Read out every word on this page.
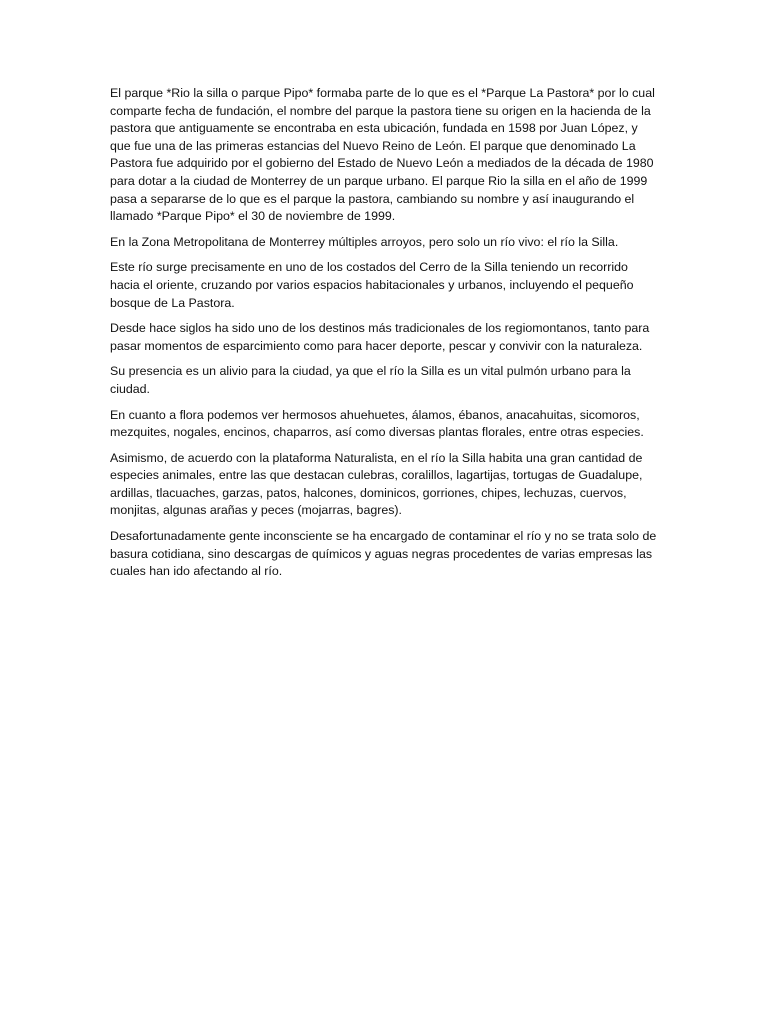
El parque *Rio la silla o parque Pipo* formaba parte de lo que es el *Parque La Pastora* por lo cual comparte fecha de fundación, el nombre del parque la pastora tiene su origen en la hacienda de la pastora que antiguamente se encontraba en esta ubicación, fundada en 1598 por Juan López, y que fue una de las primeras estancias del Nuevo Reino de León. El parque que denominado La Pastora fue adquirido por el gobierno del Estado de Nuevo León a mediados de la década de 1980 para dotar a la ciudad de Monterrey de un parque urbano. El parque Rio la silla en el año de 1999 pasa a separarse de lo que es el parque la pastora, cambiando su nombre y así inaugurando el llamado *Parque Pipo* el 30 de noviembre de 1999.

En la Zona Metropolitana de Monterrey múltiples arroyos, pero solo un río vivo: el río la Silla.

Este río surge precisamente en uno de los costados del Cerro de la Silla teniendo un recorrido hacia el oriente, cruzando por varios espacios habitacionales y urbanos, incluyendo el pequeño bosque de La Pastora.

Desde hace siglos ha sido uno de los destinos más tradicionales de los regiomontanos, tanto para pasar momentos de esparcimiento como para hacer deporte, pescar y convivir con la naturaleza.

Su presencia es un alivio para la ciudad, ya que el río la Silla es un vital pulmón urbano para la ciudad.

En cuanto a flora podemos ver hermosos ahuehuetes, álamos, ébanos, anacahuitas, sicomoros, mezquites, nogales, encinos, chaparros, así como diversas plantas florales, entre otras especies.

Asimismo, de acuerdo con la plataforma Naturalista, en el río la Silla habita una gran cantidad de especies animales, entre las que destacan culebras, coralillos, lagartijas, tortugas de Guadalupe, ardillas, tlacuaches, garzas, patos, halcones, dominicos, gorriones, chipes, lechuzas, cuervos, monjitas, algunas arañas y peces (mojarras, bagres).

Desafortunadamente gente inconsciente se ha encargado de contaminar el río y no se trata solo de basura cotidiana, sino descargas de químicos y aguas negras procedentes de varias empresas las cuales han ido afectando al río.
